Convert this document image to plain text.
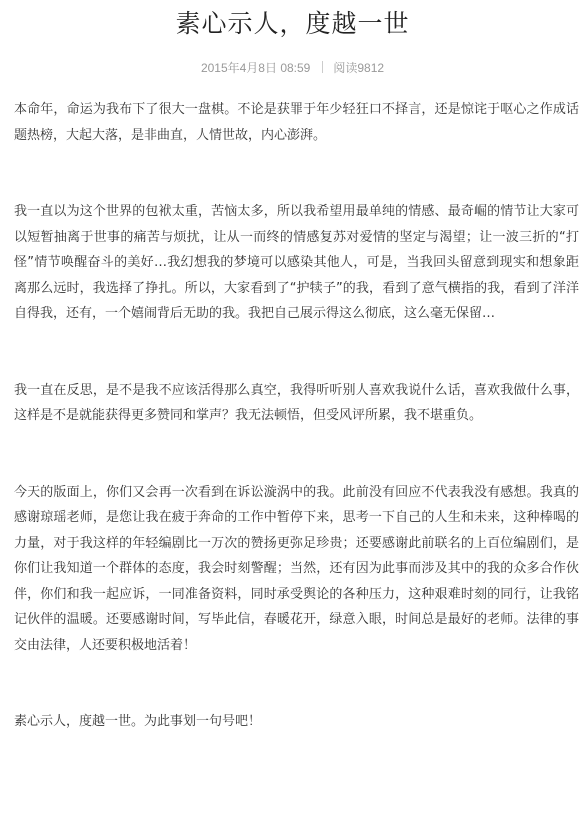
素心示人，度越一世
2015年4月8日 08:59 阅读9812

本命年，命运为我布下了很大一盘棋。不论是获罪于年少轻狂口不择言，还是惊诧于呕心之作成话题热榜，大起大落，是非曲直，人情世故，内心澎湃。

我一直以为这个世界的包袱太重，苦恼太多，所以我希望用最单纯的情感、最奇崛的情节让大家可以短暂抽离于世事的痛苦与烦扰，让从一而终的情感复苏对爱情的坚定与渴望；让一波三折的“打怪”情节唤醒奋斗的美好…我幻想我的梦境可以感染其他人，可是，当我回头留意到现实和想象距离那么远时，我选择了挣扎。所以，大家看到了“护犊子”的我，看到了意气横指的我，看到了洋洋自得我，还有，一个嬉闹背后无助的我。我把自己展示得这么彻底，这么毫无保留…

我一直在反思，是不是我不应该活得那么真空，我得听听别人喜欢我说什么话，喜欢我做什么事，这样是不是就能获得更多赞同和掌声？我无法顿悟，但受风评所累，我不堪重负。

今天的版面上，你们又会再一次看到在诉讼漩涡中的我。此前没有回应不代表我没有感想。我真的感谢琼瑶老师，是您让我在疲于奔命的工作中暂停下来，思考一下自己的人生和未来，这种棒喝的力量，对于我这样的年轻编剧比一万次的赞扬更弥足珍贵；还要感谢此前联名的上百位编剧们，是你们让我知道一个群体的态度，我会时刻警醒；当然，还有因为此事而涉及其中的我的众多合作伙伴，你们和我一起应诉，一同准备资料，同时承受舆论的各种压力，这种艰难时刻的同行，让我铭记伙伴的温暖。还要感谢时间，写毕此信，春暖花开，绿意入眼，时间总是最好的老师。法律的事交由法律，人还要积极地活着！

素心示人，度越一世。为此事划一句号吧！
